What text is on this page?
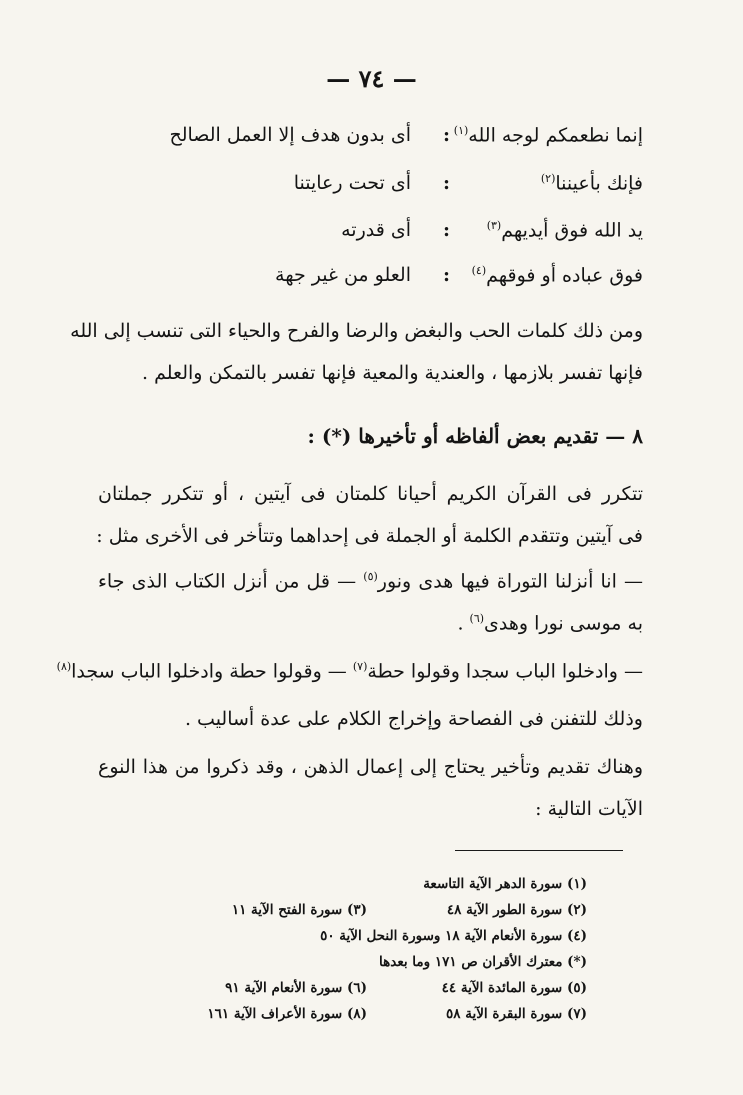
— ٧٤ —
إنما نطعمكم لوجه الله$^{(١)}$
:
أى بدون هدف إلا العمل الصالح
فإنك بأعيننا$^{(٢)}$
:
أى تحت رعايتنا
يد الله فوق أيديهم$^{(٣)}$
:
أى قدرته
فوق عباده أو فوقهم$^{(٤)}$
:
العلو من غير جهة
ومن ذلك كلمات الحب والبغض والرضا والفرح والحياء التى تنسب إلى الله
فإنها تفسر بلازمها ، والعندية والمعية فإنها تفسر بالتمكن والعلم .
٨ — تقديم بعض ألفاظه أو تأخيرها (*) :
تتكرر فى القرآن الكريم أحيانا كلمتان فى آيتين ، أو تتكرر جملتان
فى آيتين وتتقدم الكلمة أو الجملة فى إحداهما وتتأخر فى الأخرى مثل :
— انا أنزلنا التوراة فيها هدى ونور$^{(٥)}$ — قل من أنزل الكتاب الذى جاء
به موسى نورا وهدى$^{(٦)}$ .
— وادخلوا الباب سجدا وقولوا حطة$^{(٧)}$ — وقولوا حطة وادخلوا الباب سجدا$^{(٨)}$
وذلك للتفنن فى الفصاحة وإخراج الكلام على عدة أساليب .
وهناك تقديم وتأخير يحتاج إلى إعمال الذهن ، وقد ذكروا من هذا النوع
الآيات التالية :
(١) سورة الدهر الآية التاسعة
(٢) سورة الطور الآية ٤٨
(٣) سورة الفتح الآية ١١
(٤) سورة الأنعام الآية ١٨ وسورة النحل الآية ٥٠
(*) معترك الأقران ص ١٧١ وما بعدها
(٥) سورة المائدة الآية ٤٤
(٦) سورة الأنعام الآية ٩١
(٧) سورة البقرة الآية ٥٨
(٨) سورة الأعراف الآية ١٦١
